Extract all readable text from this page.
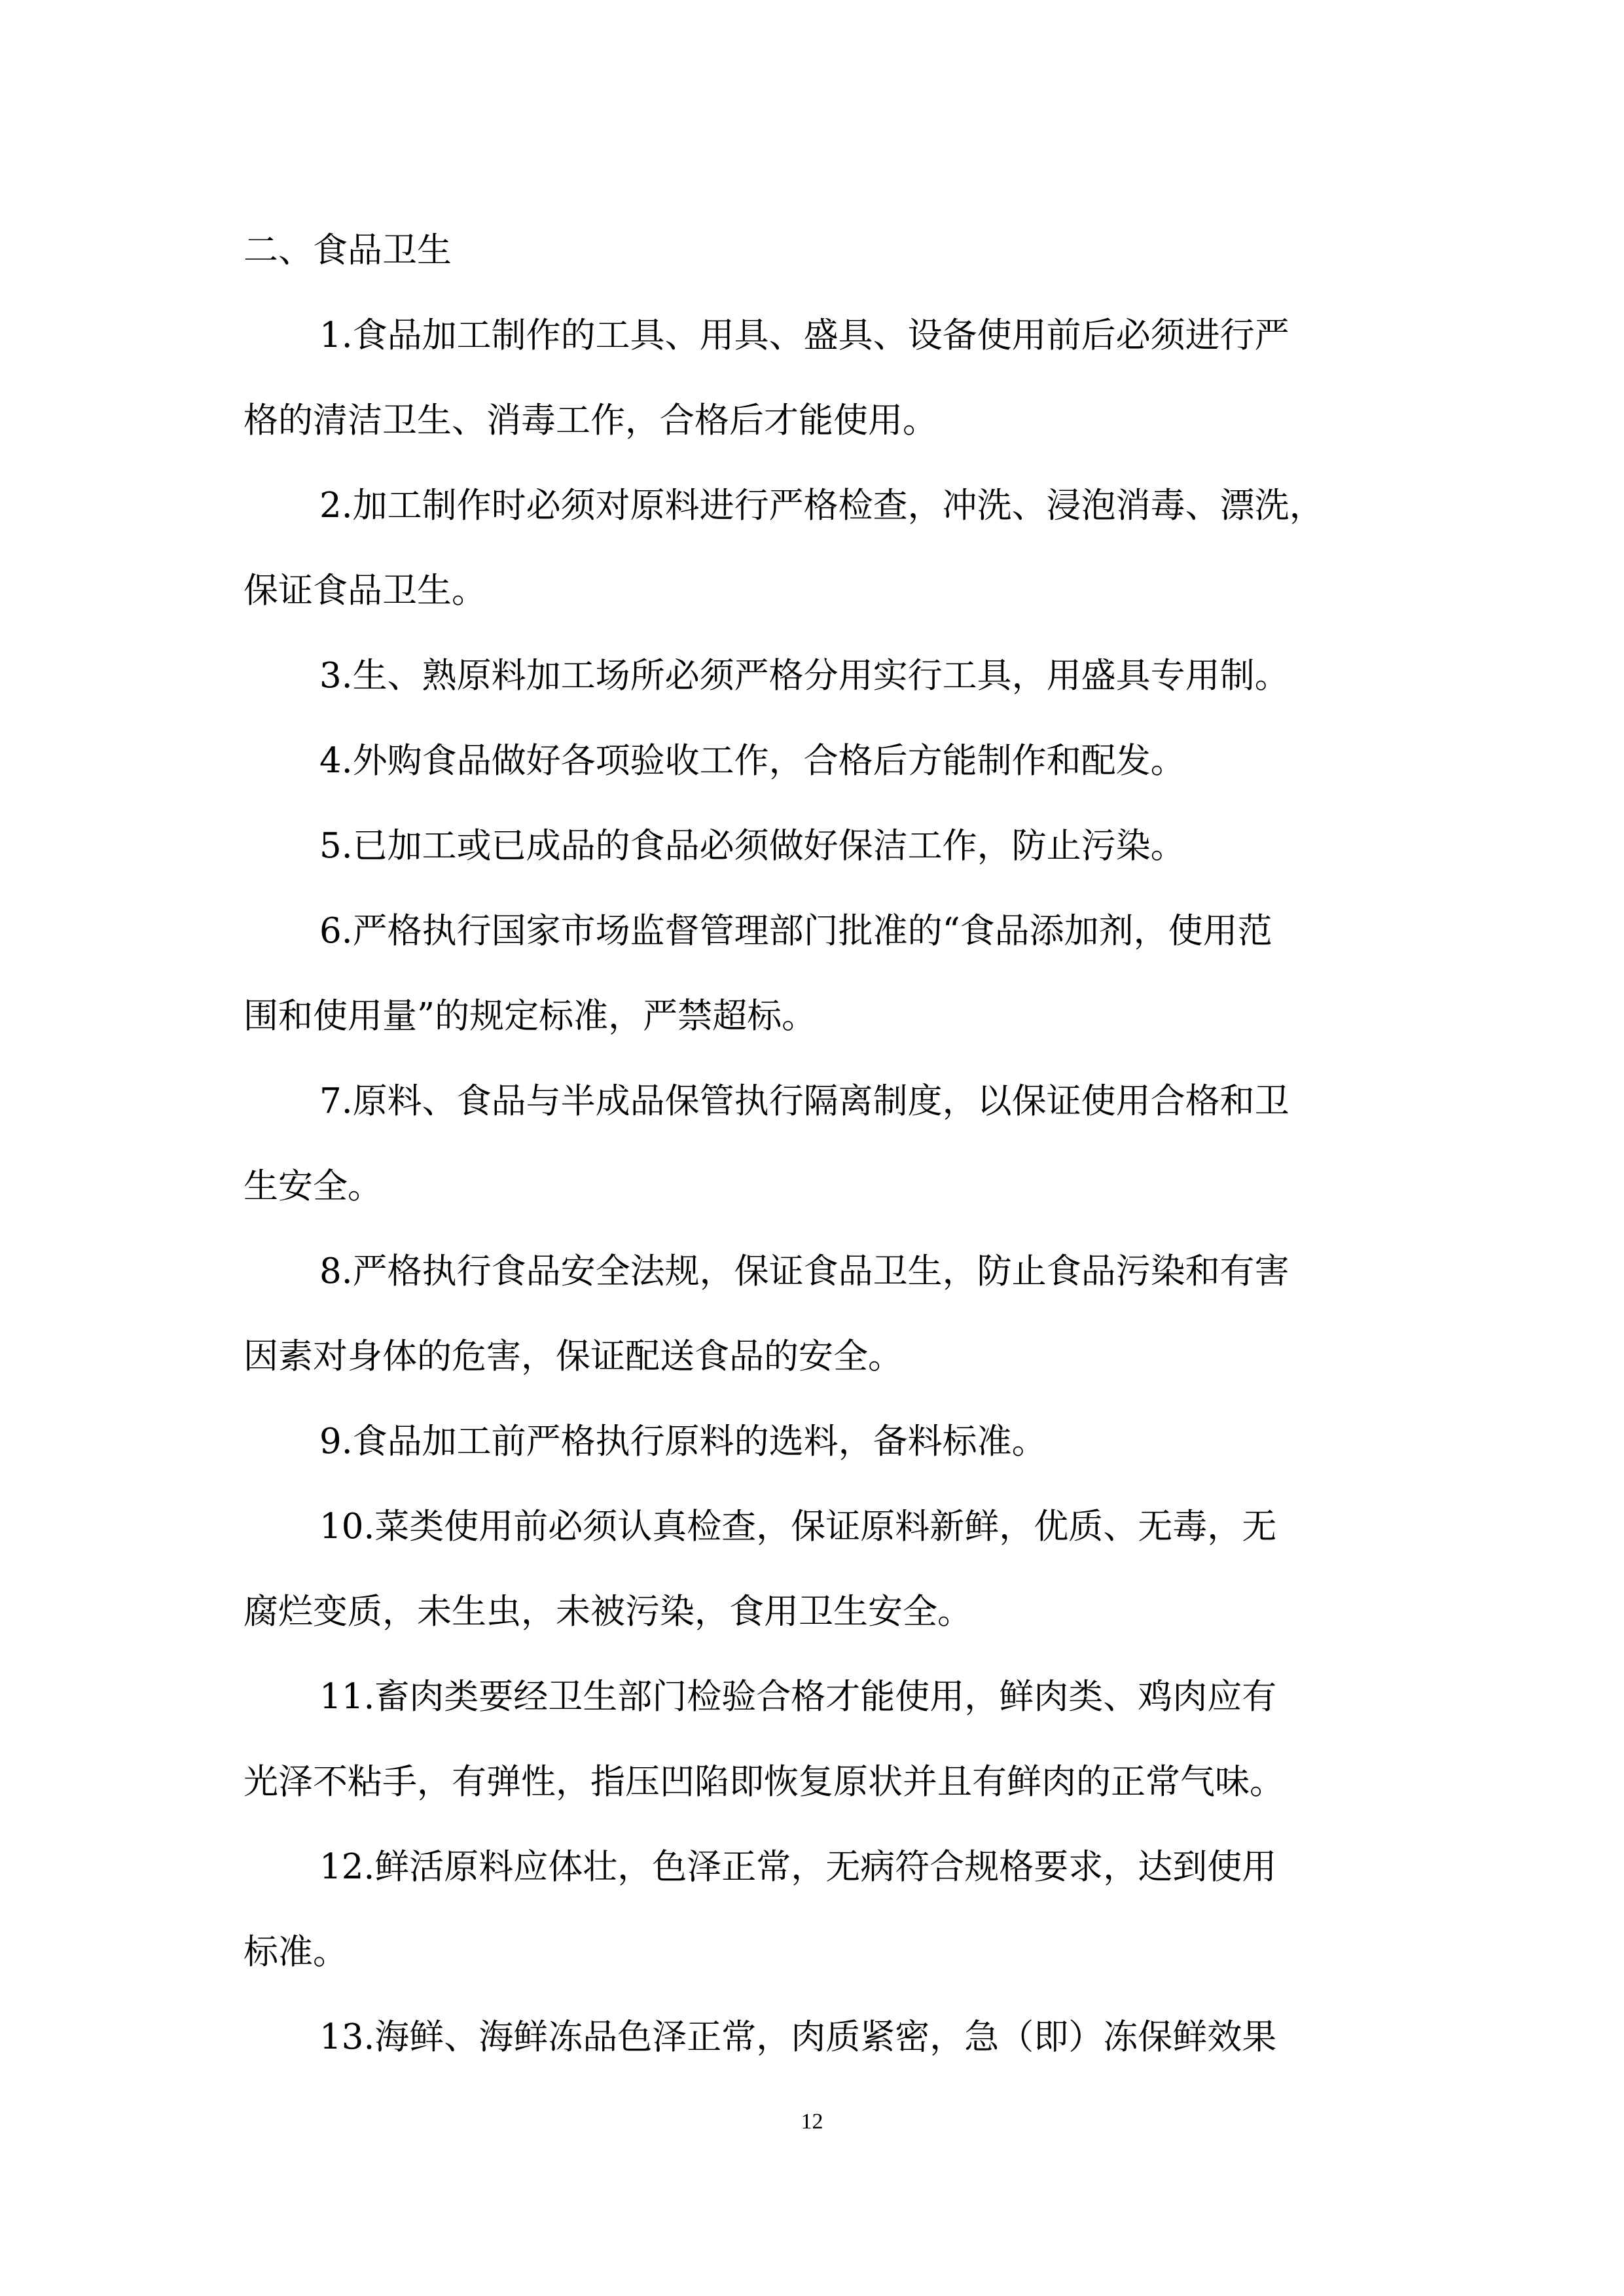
二、食品卫生
1.食品加工制作的工具、用具、盛具、设备使用前后必须进行严
格的清洁卫生、消毒工作，合格后才能使用。
2.加工制作时必须对原料进行严格检查，冲洗、浸泡消毒、漂洗，
保证食品卫生。
3.生、熟原料加工场所必须严格分用实行工具，用盛具专用制。
4.外购食品做好各项验收工作，合格后方能制作和配发。
5.已加工或已成品的食品必须做好保洁工作，防止污染。
6.严格执行国家市场监督管理部门批准的“食品添加剂，使用范
围和使用量”的规定标准，严禁超标。
7.原料、食品与半成品保管执行隔离制度，以保证使用合格和卫
生安全。
8.严格执行食品安全法规，保证食品卫生，防止食品污染和有害
因素对身体的危害，保证配送食品的安全。
9.食品加工前严格执行原料的选料，备料标准。
10.菜类使用前必须认真检查，保证原料新鲜，优质、无毒，无
腐烂变质，未生虫，未被污染，食用卫生安全。
11.畜肉类要经卫生部门检验合格才能使用，鲜肉类、鸡肉应有
光泽不粘手，有弹性，指压凹陷即恢复原状并且有鲜肉的正常气味。
12.鲜活原料应体壮，色泽正常，无病符合规格要求，达到使用
标准。
13.海鲜、海鲜冻品色泽正常，肉质紧密，急（即）冻保鲜效果
12
